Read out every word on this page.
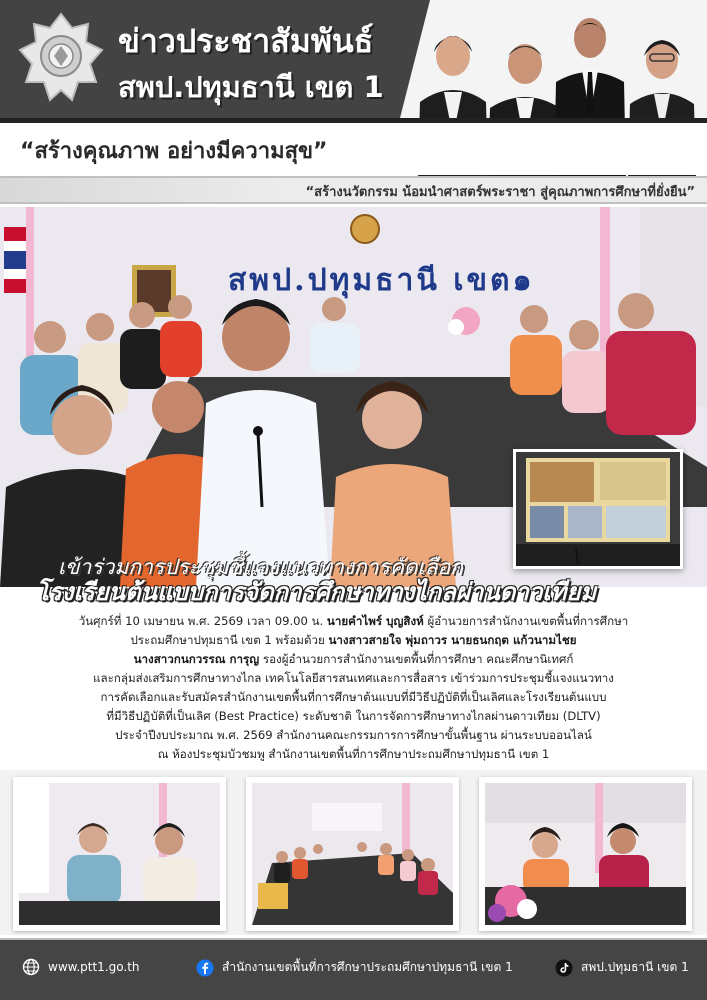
ข่าวประชาสัมพันธ์
สพป.ปทุมธานี เขต 1
“สร้างคุณภาพ อย่างมีความสุข”
“สร้างนวัตกรรม น้อมนำศาสตร์พระราชา สู่คุณภาพการศึกษาที่ยั่งยืน”
สพป.ปทุมธานี เขต๑
เข้าร่วมการประชุมชี้แจงแนวทางการคัดเลือก
โรงเรียนต้นแบบการจัดการศึกษาทางไกลผ่านดาวเทียม
วันศุกร์ที่ 10 เมษายน พ.ศ. 2569 เวลา 09.00 น. นายคำไพร์ บุญสิงห์ ผู้อำนวยการสำนักงานเขตพื้นที่การศึกษา
ประถมศึกษาปทุมธานี เขต 1 พร้อมด้วย นางสาวสายใจ พุ่มถาวร นายธนกฤต แก้วนามไชย
นางสาวกนกวรรณ การุญ รองผู้อำนวยการสำนักงานเขตพื้นที่การศึกษา คณะศึกษานิเทศก์
และกลุ่มส่งเสริมการศึกษาทางไกล เทคโนโลยีสารสนเทศและการสื่อสาร เข้าร่วมการประชุมชี้แจงแนวทาง
การคัดเลือกและรับสมัครสำนักงานเขตพื้นที่การศึกษาต้นแบบที่มีวิธีปฏิบัติที่เป็นเลิศและโรงเรียนต้นแบบ
ที่มีวิธีปฏิบัติที่เป็นเลิศ (Best Practice) ระดับชาติ ในการจัดการศึกษาทางไกลผ่านดาวเทียม (DLTV)
ประจำปีงบประมาณ พ.ศ. 2569 สำนักงานคณะกรรมการการศึกษาขั้นพื้นฐาน ผ่านระบบออนไลน์
ณ ห้องประชุมบัวชมพู สำนักงานเขตพื้นที่การศึกษาประถมศึกษาปทุมธานี เขต 1
www.ptt1.go.th	สำนักงานเขตพื้นที่การศึกษาประถมศึกษาปทุมธานี เขต 1	สพป.ปทุมธานี เขต 1
